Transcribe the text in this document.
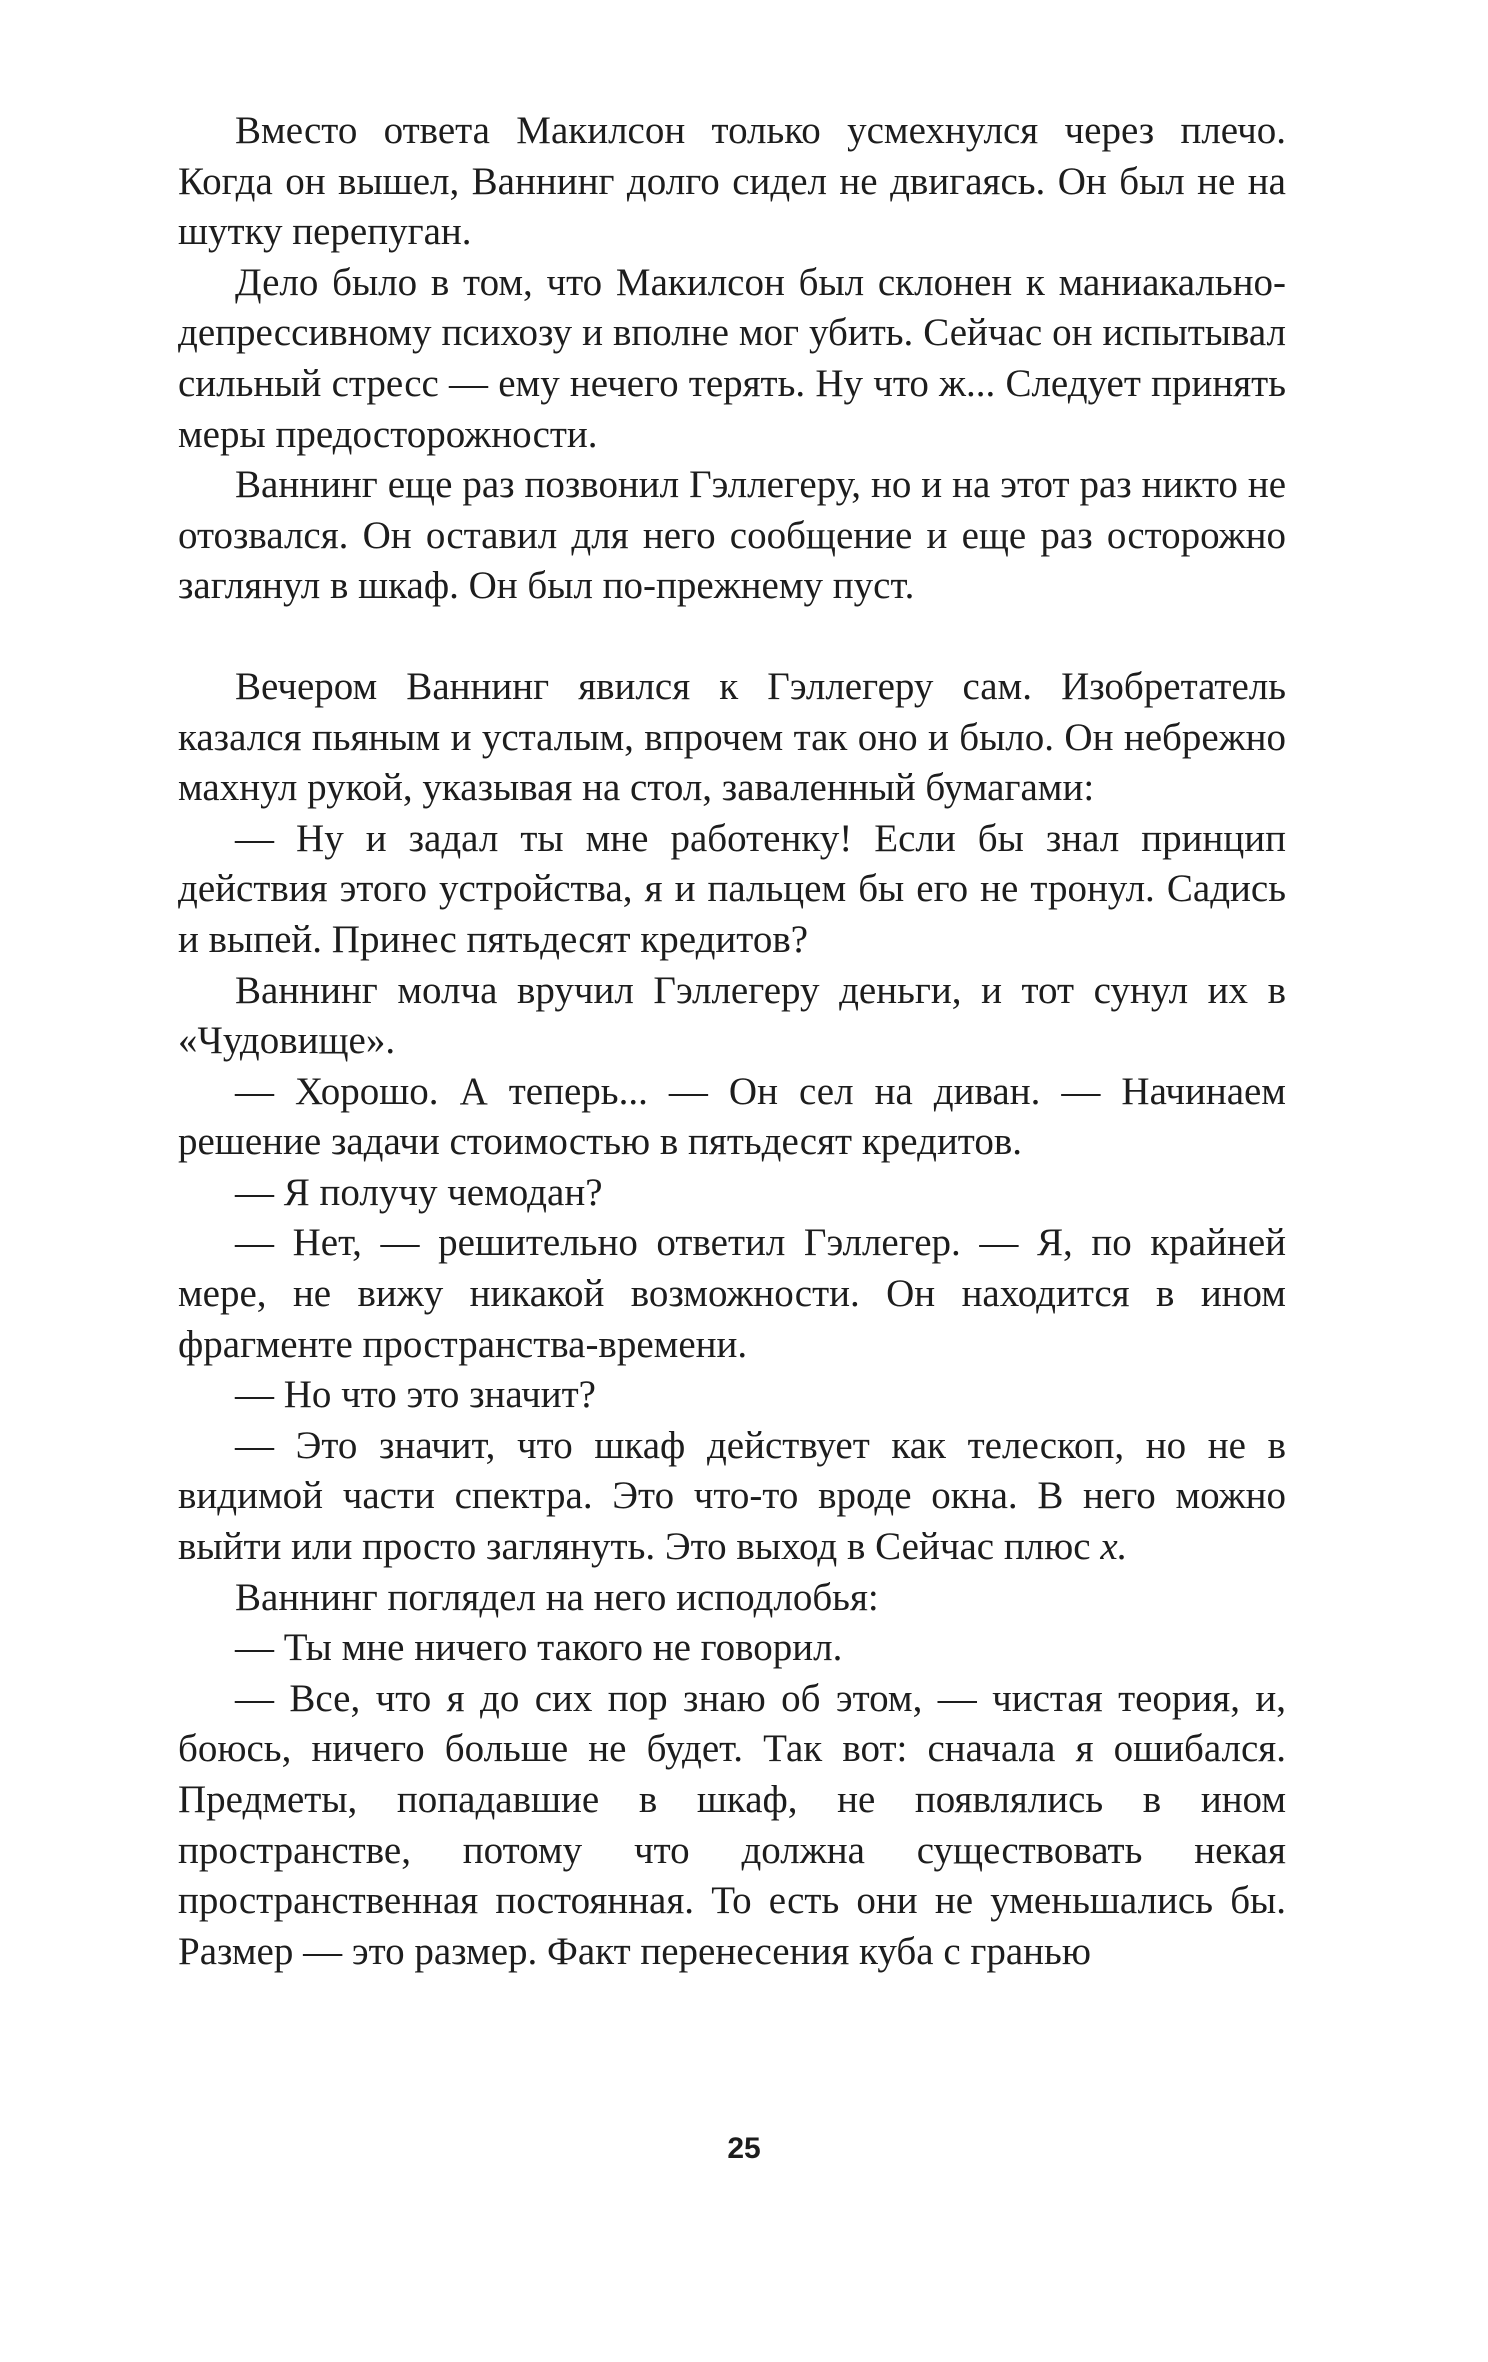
Вместо ответа Макилсон только усмехнулся через плечо. Когда он вышел, Ваннинг долго сидел не двигаясь. Он был не на шутку перепуган.

Дело было в том, что Макилсон был склонен к маниакально-депрессивному психозу и вполне мог убить. Сейчас он испытывал сильный стресс — ему нечего терять. Ну что ж... Следует принять меры предосторожности.

Ваннинг еще раз позвонил Гэллегеру, но и на этот раз никто не отозвался. Он оставил для него сообщение и еще раз осторожно заглянул в шкаф. Он был по-прежнему пуст.

Вечером Ваннинг явился к Гэллегеру сам. Изобретатель казался пьяным и усталым, впрочем так оно и было. Он небрежно махнул рукой, указывая на стол, заваленный бумагами:

— Ну и задал ты мне работенку! Если бы знал принцип действия этого устройства, я и пальцем бы его не тронул. Садись и выпей. Принес пятьдесят кредитов?

Ваннинг молча вручил Гэллегеру деньги, и тот сунул их в «Чудовище».

— Хорошо. А теперь... — Он сел на диван. — Начинаем решение задачи стоимостью в пятьдесят кредитов.

— Я получу чемодан?

— Нет, — решительно ответил Гэллегер. — Я, по крайней мере, не вижу никакой возможности. Он находится в ином фрагменте пространства-времени.

— Но что это значит?

— Это значит, что шкаф действует как телескоп, но не в видимой части спектра. Это что-то вроде окна. В него можно выйти или просто заглянуть. Это выход в Сейчас плюс x.

Ваннинг поглядел на него исподлобья:

— Ты мне ничего такого не говорил.

— Все, что я до сих пор знаю об этом, — чистая теория, и, боюсь, ничего больше не будет. Так вот: сначала я ошибался. Предметы, попадавшие в шкаф, не появлялись в ином пространстве, потому что должна существовать некая пространственная постоянная. То есть они не уменьшались бы. Размер — это размер. Факт перенесения куба с гранью

25
